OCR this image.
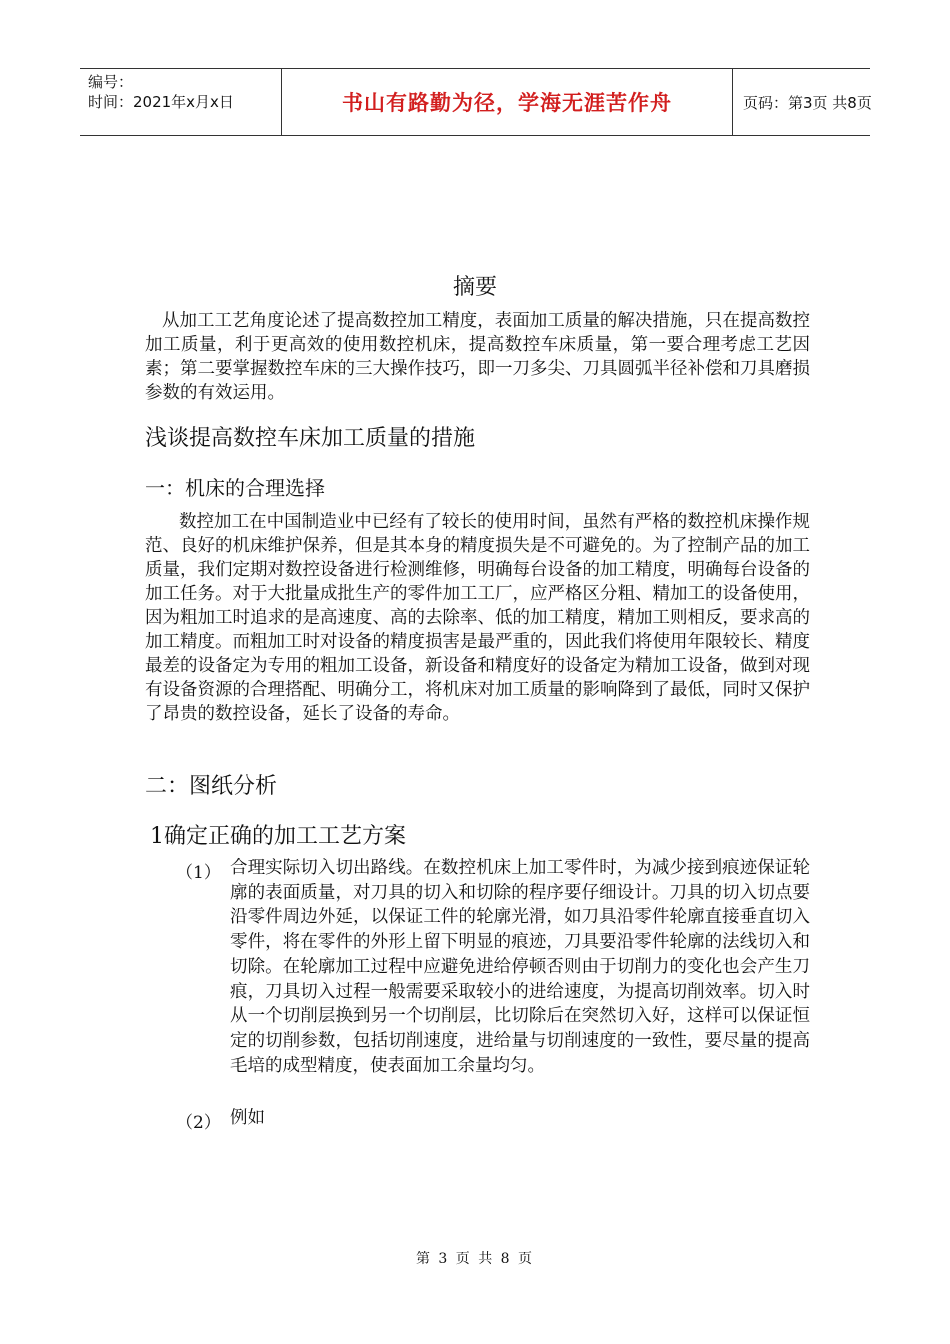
编号：
时间：2021年x月x日	书山有路勤为径，学海无涯苦作舟	页码：第3页 共8页
摘要
从加工工艺角度论述了提高数控加工精度，表面加工质量的解决措施，只在提高数控加工质量，利于更高效的使用数控机床，提高数控车床质量，第一要合理考虑工艺因素；第二要掌握数控车床的三大操作技巧，即一刀多尖、刀具圆弧半径补偿和刀具磨损参数的有效运用。
浅谈提高数控车床加工质量的措施
一：机床的合理选择
数控加工在中国制造业中已经有了较长的使用时间，虽然有严格的数控机床操作规范、良好的机床维护保养，但是其本身的精度损失是不可避免的。为了控制产品的加工质量，我们定期对数控设备进行检测维修，明确每台设备的加工精度，明确每台设备的加工任务。对于大批量成批生产的零件加工工厂，应严格区分粗、精加工的设备使用，因为粗加工时追求的是高速度、高的去除率、低的加工精度，精加工则相反，要求高的加工精度。而粗加工时对设备的精度损害是最严重的，因此我们将使用年限较长、精度最差的设备定为专用的粗加工设备，新设备和精度好的设备定为精加工设备，做到对现有设备资源的合理搭配、明确分工，将机床对加工质量的影响降到了最低，同时又保护了昂贵的数控设备，延长了设备的寿命。
二：图纸分析
1确定正确的加工工艺方案
（1） 合理实际切入切出路线。在数控机床上加工零件时，为减少接到痕迹保证轮廓的表面质量，对刀具的切入和切除的程序要仔细设计。刀具的切入切点要沿零件周边外延，以保证工件的轮廓光滑，如刀具沿零件轮廓直接垂直切入零件，将在零件的外形上留下明显的痕迹，刀具要沿零件轮廓的法线切入和切除。在轮廓加工过程中应避免进给停顿否则由于切削力的变化也会产生刀痕，刀具切入过程一般需要采取较小的进给速度，为提高切削效率。切入时从一个切削层换到另一个切削层，比切除后在突然切入好，这样可以保证恒定的切削参数，包括切削速度，进给量与切削速度的一致性，要尽量的提高毛培的成型精度，使表面加工余量均匀。
（2） 例如
第 3 页 共 8 页
